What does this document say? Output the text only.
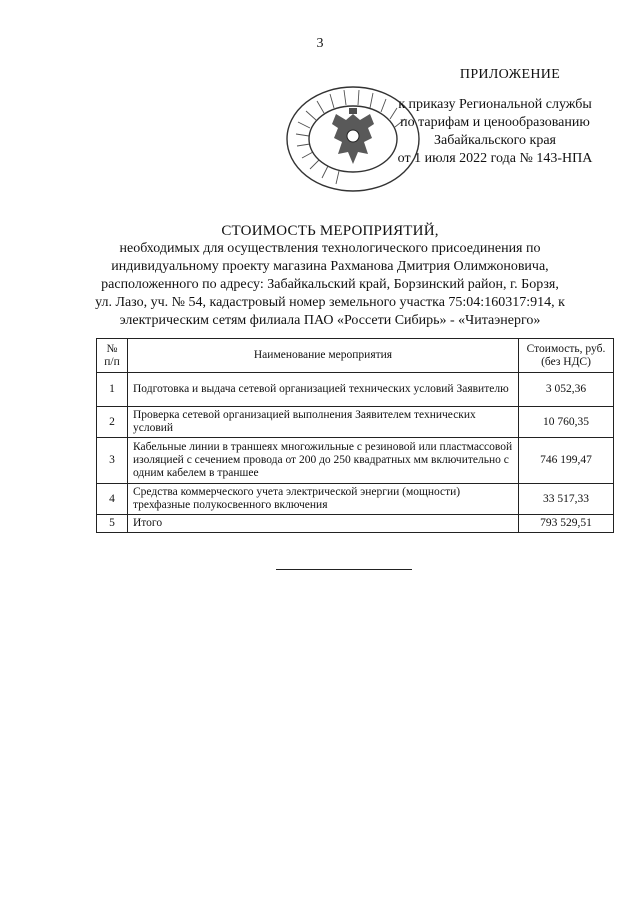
3
ПРИЛОЖЕНИЕ
к приказу Региональной службы
по тарифам и ценообразованию
Забайкальского края
от 1 июля 2022 года № 143-НПА
СТОИМОСТЬ МЕРОПРИЯТИЙ,
необходимых для осуществления технологического присоединения по
индивидуальному проекту магазина Рахманова Дмитрия Олимжоновича,
расположенного по адресу: Забайкальский край, Борзинский район, г. Борзя,
ул. Лазо, уч. № 54, кадастровый номер земельного участка 75:04:160317:914, к
электрическим сетям филиала ПАО «Россети Сибирь» - «Читаэнерго»
№ п/п	Наименование мероприятия	Стоимость, руб. (без НДС)
1	Подготовка и выдача сетевой организацией технических условий Заявителю	3 052,36
2	Проверка сетевой организацией выполнения Заявителем технических условий	10 760,35
3	Кабельные линии в траншеях многожильные с резиновой или пластмассовой изоляцией с сечением провода от 200 до 250 квадратных мм включительно с одним кабелем в траншее	746 199,47
4	Средства коммерческого учета электрической энергии (мощности) трехфазные полукосвенного включения	33 517,33
5	Итого	793 529,51
